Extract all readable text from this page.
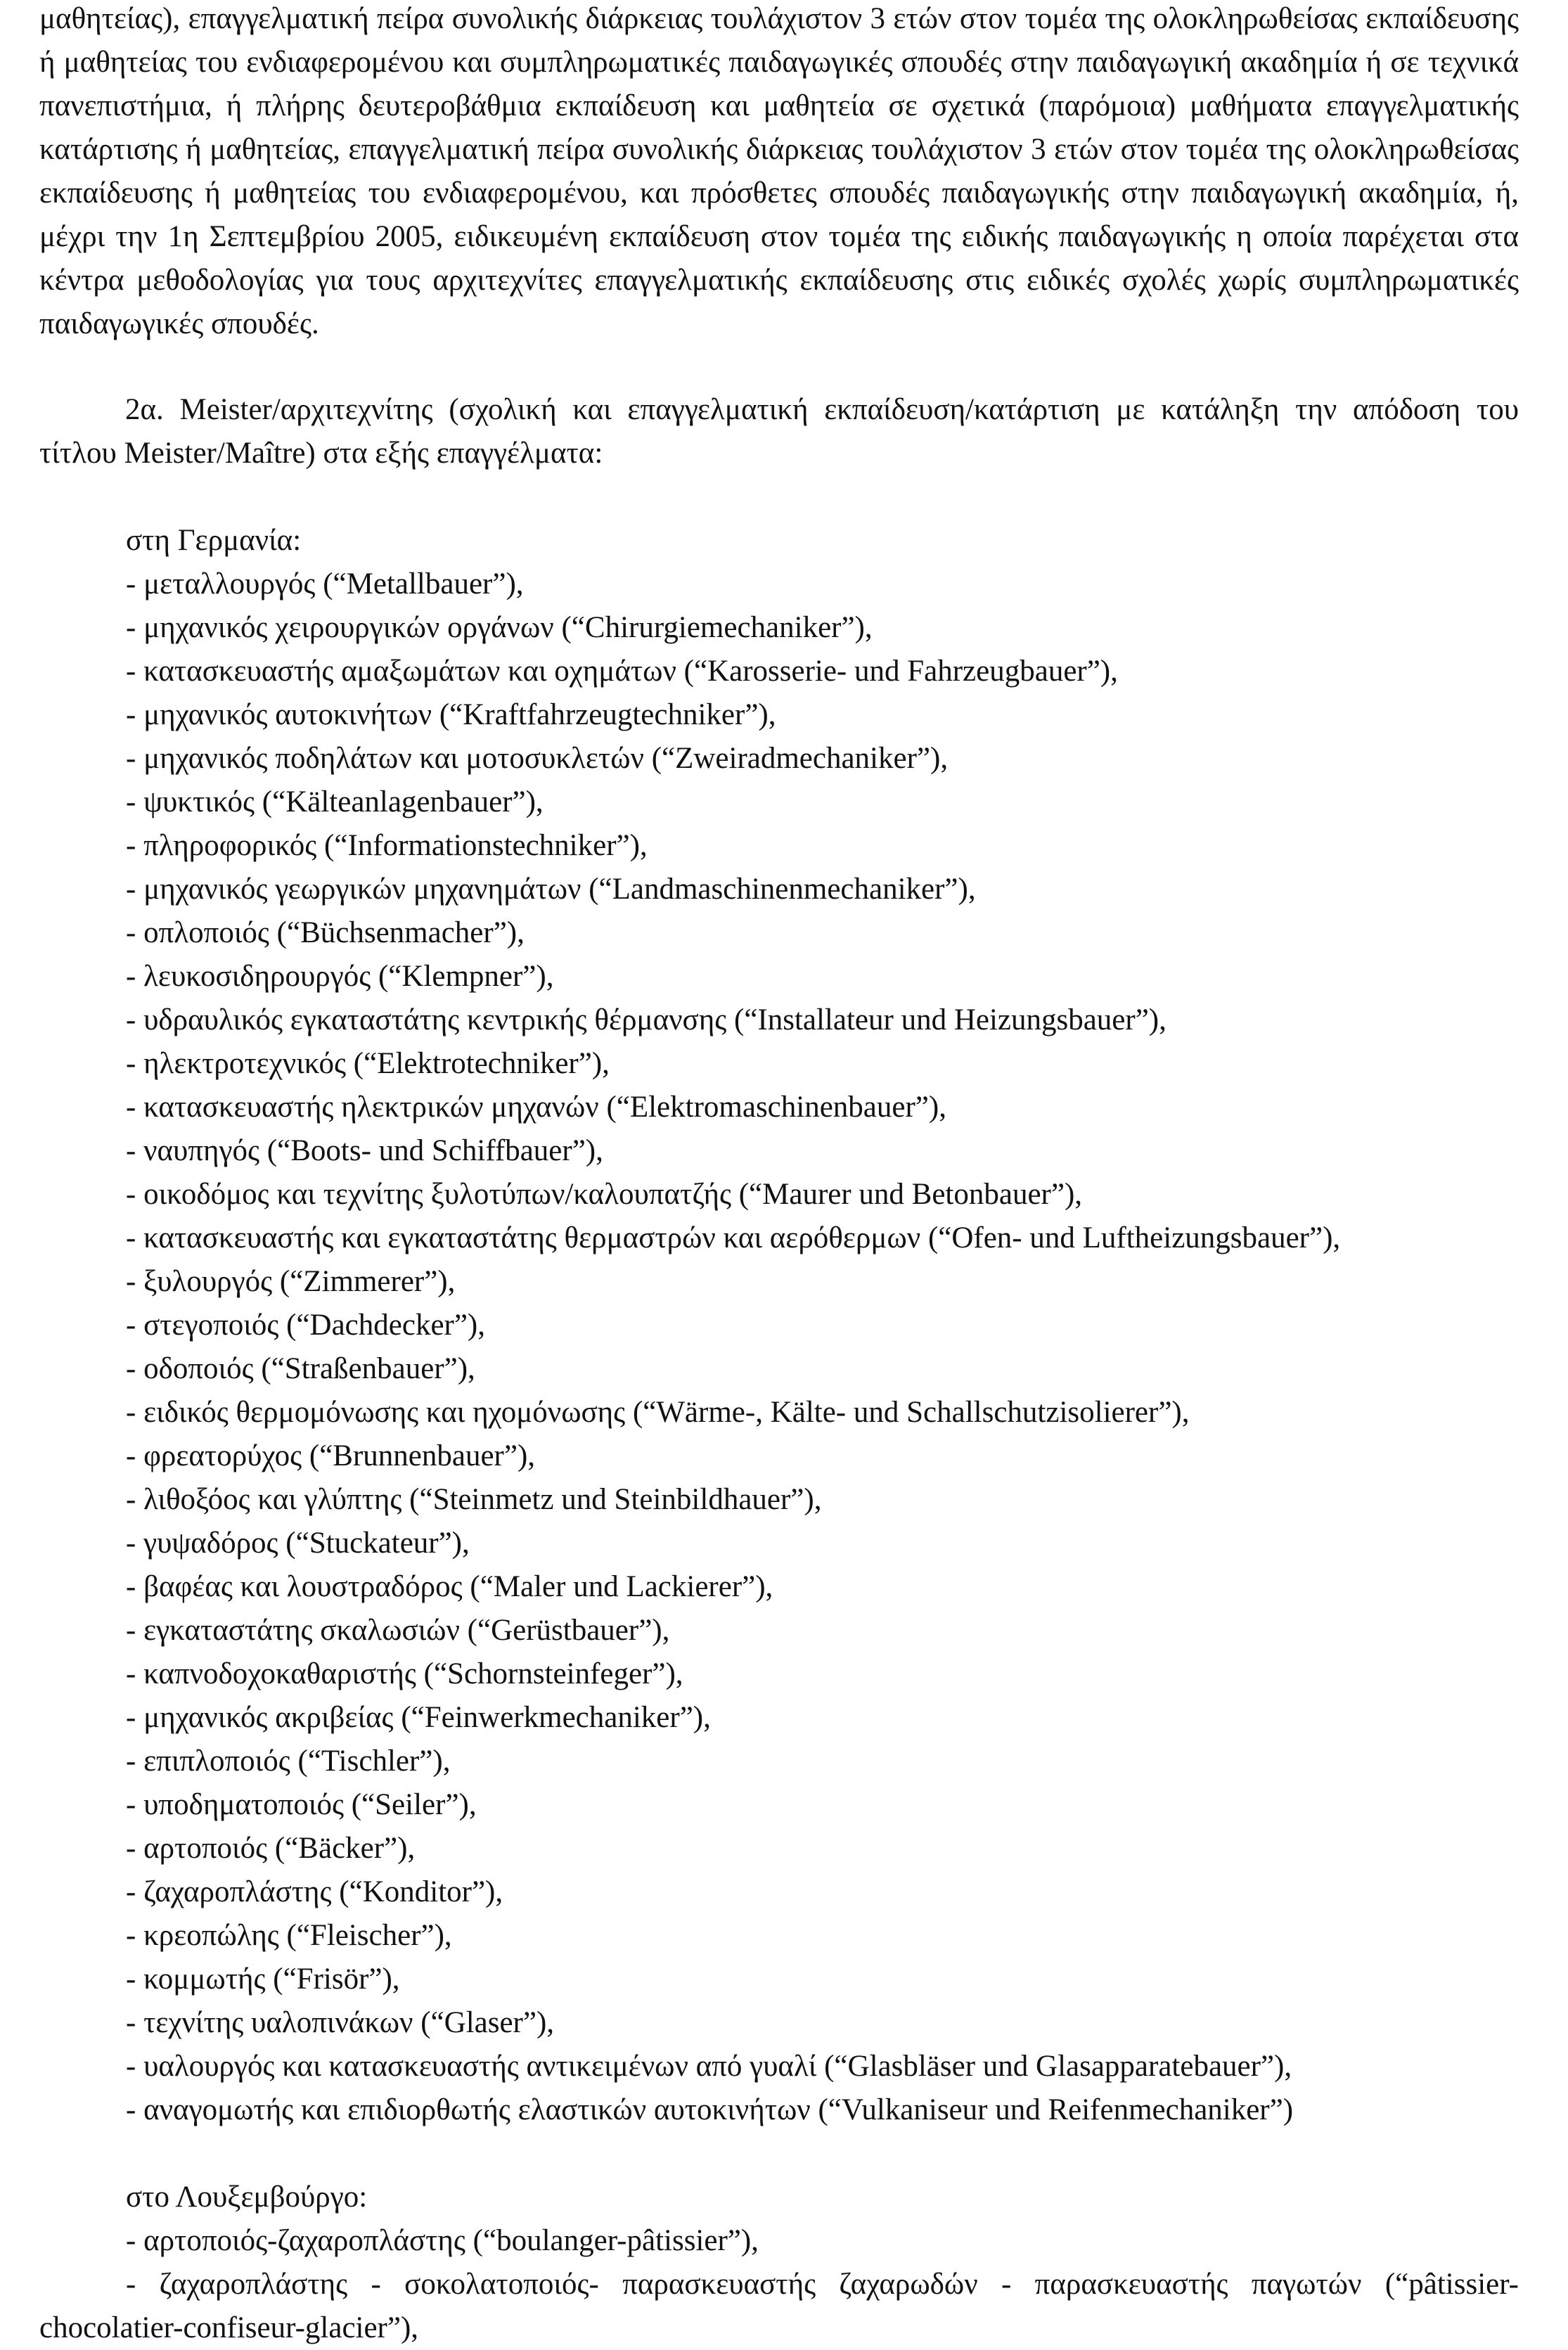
μαθητείας), επαγγελματική πείρα συνολικής διάρκειας τουλάχιστον 3 ετών στον τομέα της ολοκληρωθείσας εκπαίδευσης ή μαθητείας του ενδιαφερομένου και συμπληρωματικές παιδαγωγικές σπουδές στην παιδαγωγική ακαδημία ή σε τεχνικά πανεπιστήμια, ή πλήρης δευτεροβάθμια εκπαίδευση και μαθητεία σε σχετικά (παρόμοια) μαθήματα επαγγελματικής κατάρτισης ή μαθητείας, επαγγελματική πείρα συνολικής διάρκειας τουλάχιστον 3 ετών στον τομέα της ολοκληρωθείσας εκπαίδευσης ή μαθητείας του ενδιαφερομένου, και πρόσθετες σπουδές παιδαγωγικής στην παιδαγωγική ακαδημία, ή, μέχρι την 1η Σεπτεμβρίου 2005, ειδικευμένη εκπαίδευση στον τομέα της ειδικής παιδαγωγικής η οποία παρέχεται στα κέντρα μεθοδολογίας για τους αρχιτεχνίτες επαγγελματικής εκπαίδευσης στις ειδικές σχολές χωρίς συμπληρωματικές παιδαγωγικές σπουδές.

2α. Meister/αρχιτεχνίτης (σχολική και επαγγελματική εκπαίδευση/κατάρτιση με κατάληξη την απόδοση του τίτλου Meister/Maître) στα εξής επαγγέλματα:

στη Γερμανία:

- μεταλλουργός (“Metallbauer”),
- μηχανικός χειρουργικών οργάνων (“Chirurgiemechaniker”),
- κατασκευαστής αμαξωμάτων και οχημάτων (“Karosserie- und Fahrzeugbauer”),
- μηχανικός αυτοκινήτων (“Kraftfahrzeugtechniker”),
- μηχανικός ποδηλάτων και μοτοσυκλετών (“Zweiradmechaniker”),
- ψυκτικός (“Kälteanlagenbauer”),
- πληροφορικός (“Informationstechniker”),
- μηχανικός γεωργικών μηχανημάτων (“Landmaschinenmechaniker”),
- οπλοποιός (“Büchsenmacher”),
- λευκοσιδηρουργός (“Klempner”),
- υδραυλικός εγκαταστάτης κεντρικής θέρμανσης (“Installateur und Heizungsbauer”),
- ηλεκτροτεχνικός (“Elektrotechniker”),
- κατασκευαστής ηλεκτρικών μηχανών (“Elektromaschinenbauer”),
- ναυπηγός (“Boots- und Schiffbauer”),
- οικοδόμος και τεχνίτης ξυλοτύπων/καλουπατζής (“Maurer und Betonbauer”),
- κατασκευαστής και εγκαταστάτης θερμαστρών και αερόθερμων (“Ofen- und Luftheizungsbauer”),
- ξυλουργός (“Zimmerer”),
- στεγοποιός (“Dachdecker”),
- οδοποιός (“Straßenbauer”),
- ειδικός θερμομόνωσης και ηχομόνωσης (“Wärme-, Kälte- und Schallschutzisolierer”),
- φρεατορύχος (“Brunnenbauer”),
- λιθοξόος και γλύπτης (“Steinmetz und Steinbildhauer”),
- γυψαδόρος (“Stuckateur”),
- βαφέας και λουστραδόρος (“Maler und Lackierer”),
- εγκαταστάτης σκαλωσιών (“Gerüstbauer”),
- καπνοδοχοκαθαριστής (“Schornsteinfeger”),
- μηχανικός ακριβείας (“Feinwerkmechaniker”),
- επιπλοποιός (“Tischler”),
- υποδηματοποιός (“Seiler”),
- αρτοποιός (“Bäcker”),
- ζαχαροπλάστης (“Konditor”),
- κρεοπώλης (“Fleischer”),
- κομμωτής (“Frisör”),
- τεχνίτης υαλοπινάκων (“Glaser”),
- υαλουργός και κατασκευαστής αντικειμένων από γυαλί (“Glasbläser und Glasapparatebauer”),
- αναγομωτής και επιδιορθωτής ελαστικών αυτοκινήτων (“Vulkaniseur und Reifenmechaniker”)

στο Λουξεμβούργο:

- αρτοποιός-ζαχαροπλάστης (“boulanger-pâtissier”),

- ζαχαροπλάστης - σοκολατοποιός- παρασκευαστής ζαχαρωδών - παρασκευαστής παγωτών (“pâtissier-chocolatier-confiseur-glacier”),
